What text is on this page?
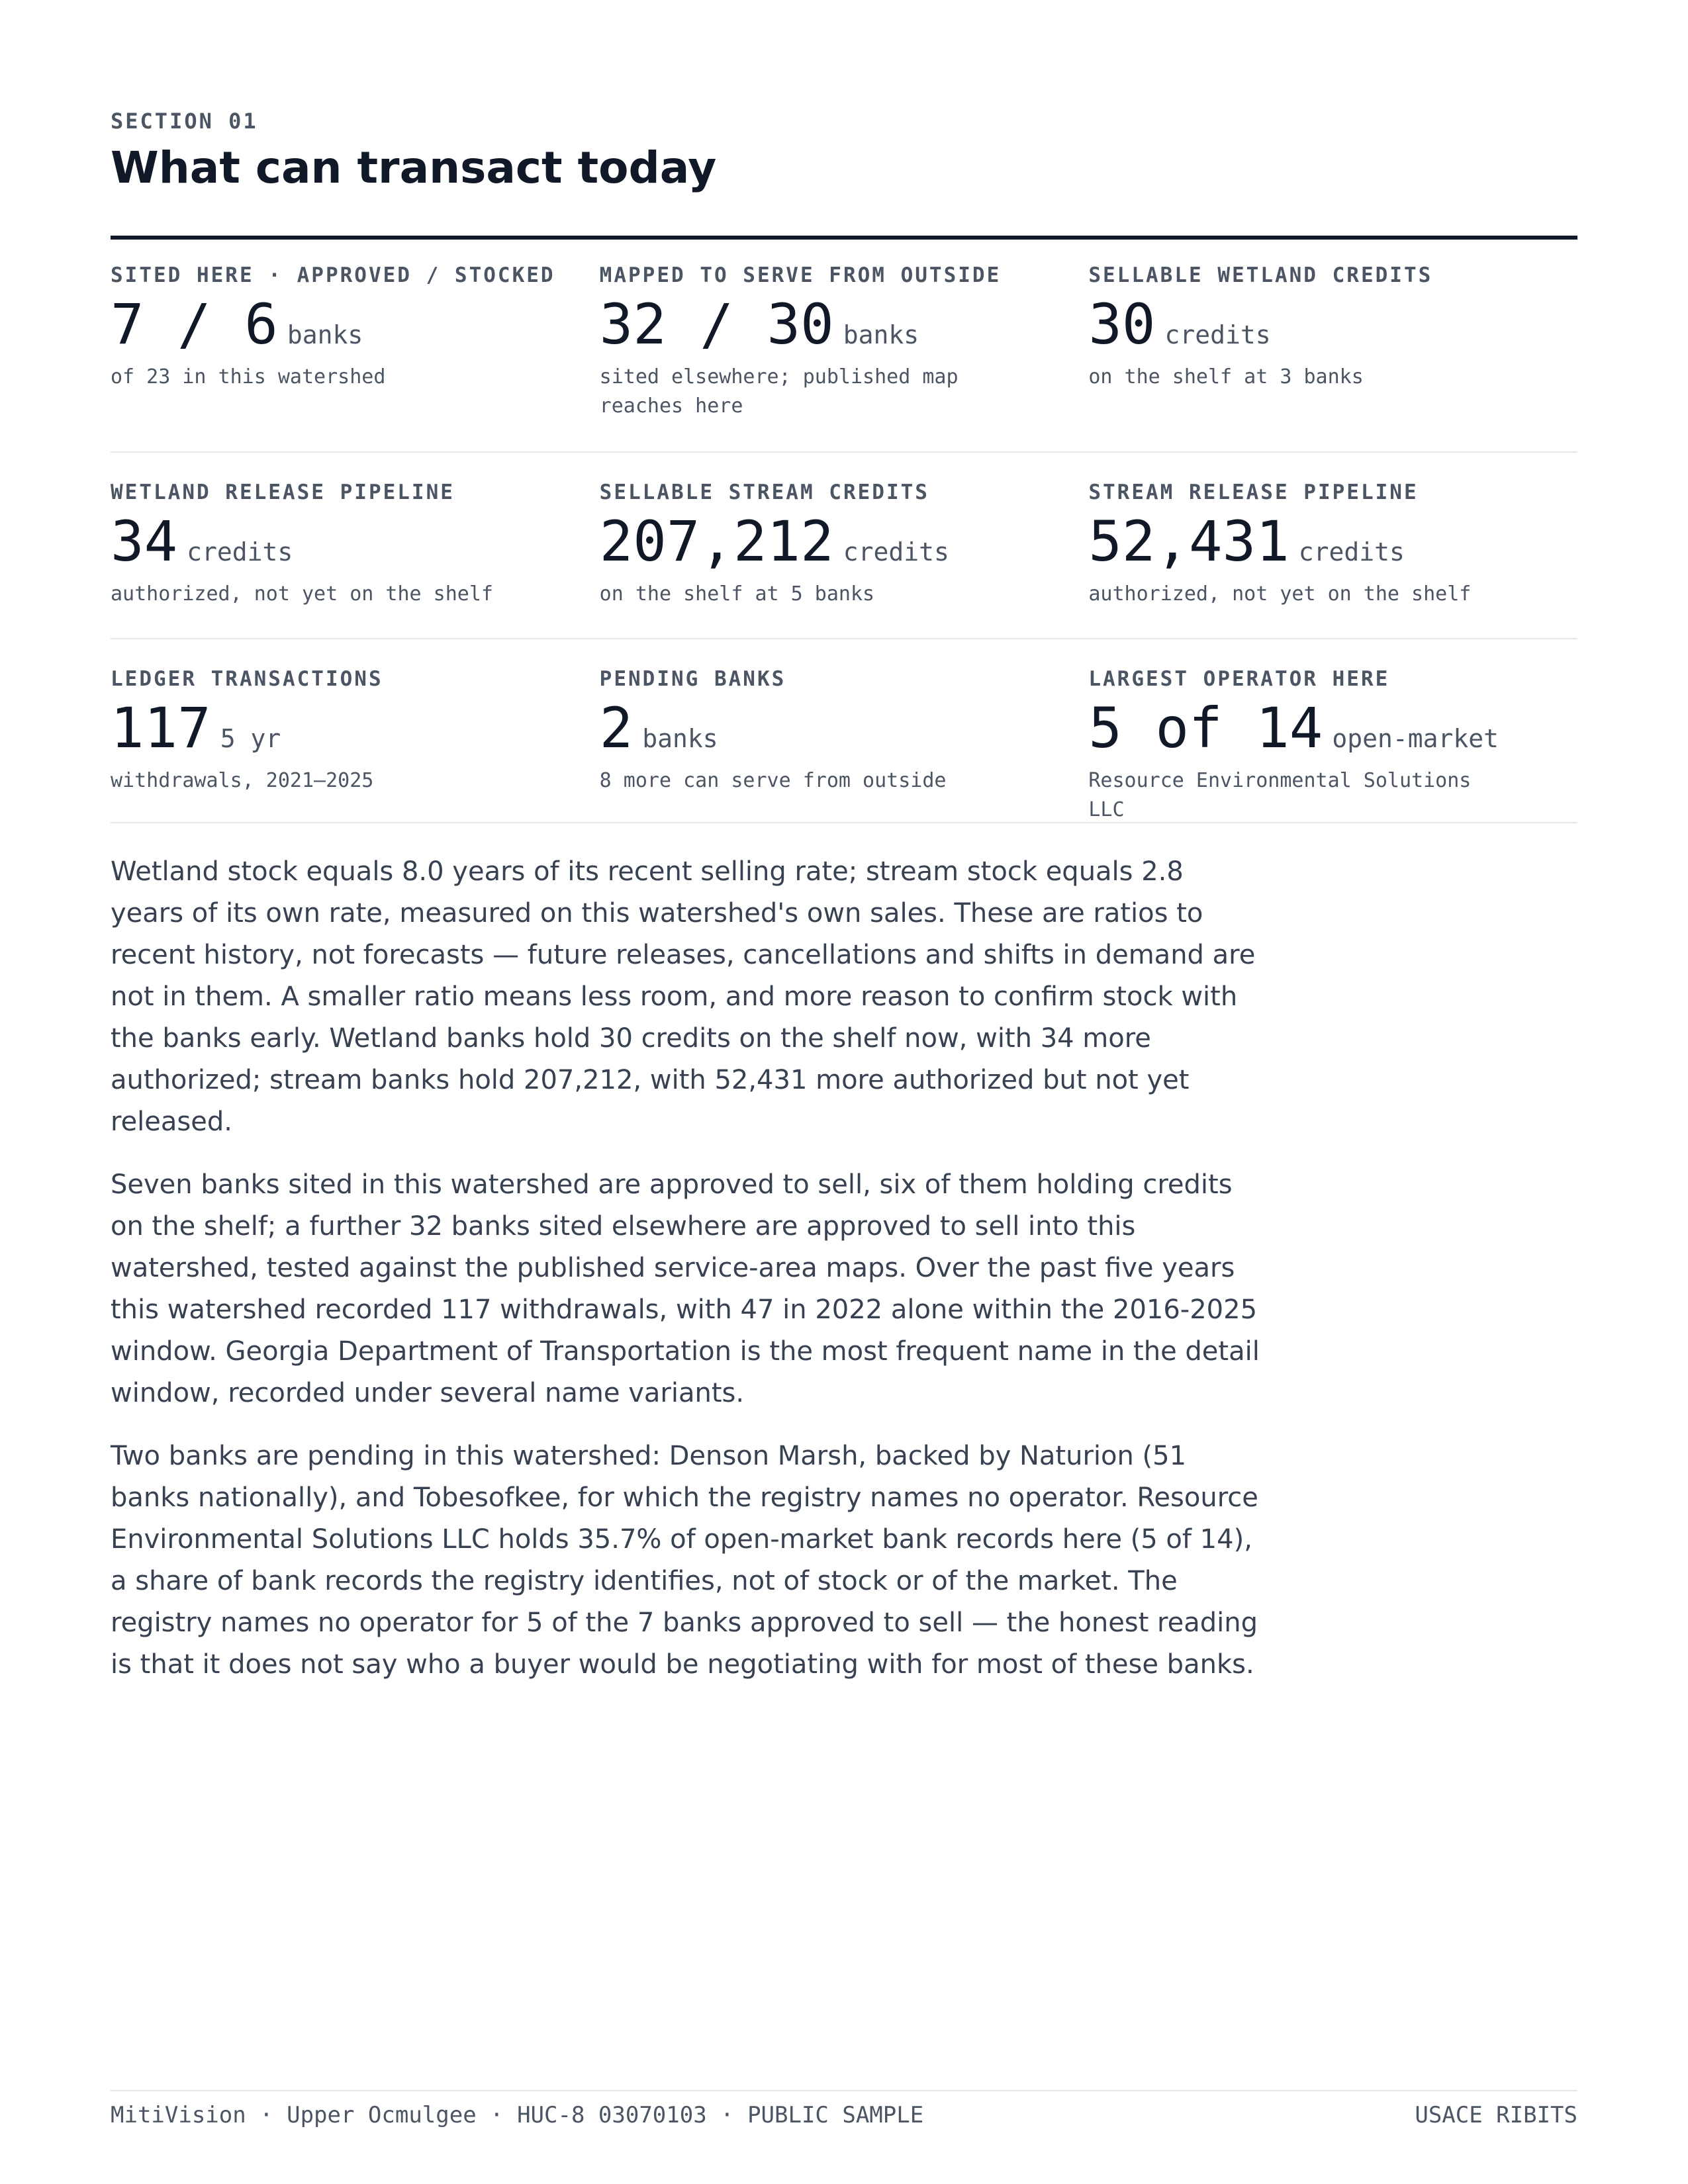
SECTION 01
What can transact today
SITED HERE · APPROVED / STOCKED
7 / 6 banks
of 23 in this watershed
MAPPED TO SERVE FROM OUTSIDE
32 / 30 banks
sited elsewhere; published map reaches here
SELLABLE WETLAND CREDITS
30 credits
on the shelf at 3 banks
WETLAND RELEASE PIPELINE
34 credits
authorized, not yet on the shelf
SELLABLE STREAM CREDITS
207,212 credits
on the shelf at 5 banks
STREAM RELEASE PIPELINE
52,431 credits
authorized, not yet on the shelf
LEDGER TRANSACTIONS
117 5 yr
withdrawals, 2021–2025
PENDING BANKS
2 banks
8 more can serve from outside
LARGEST OPERATOR HERE
5 of 14 open-market
Resource Environmental Solutions LLC

Wetland stock equals 8.0 years of its recent selling rate; stream stock equals 2.8 years of its own rate, measured on this watershed's own sales. These are ratios to recent history, not forecasts — future releases, cancellations and shifts in demand are not in them. A smaller ratio means less room, and more reason to confirm stock with the banks early. Wetland banks hold 30 credits on the shelf now, with 34 more authorized; stream banks hold 207,212, with 52,431 more authorized but not yet released.

Seven banks sited in this watershed are approved to sell, six of them holding credits on the shelf; a further 32 banks sited elsewhere are approved to sell into this watershed, tested against the published service-area maps. Over the past five years this watershed recorded 117 withdrawals, with 47 in 2022 alone within the 2016-2025 window. Georgia Department of Transportation is the most frequent name in the detail window, recorded under several name variants.

Two banks are pending in this watershed: Denson Marsh, backed by Naturion (51 banks nationally), and Tobesofkee, for which the registry names no operator. Resource Environmental Solutions LLC holds 35.7% of open-market bank records here (5 of 14), a share of bank records the registry identifies, not of stock or of the market. The registry names no operator for 5 of the 7 banks approved to sell — the honest reading is that it does not say who a buyer would be negotiating with for most of these banks.

MitiVision · Upper Ocmulgee · HUC-8 03070103 · PUBLIC SAMPLE	USACE RIBITS
